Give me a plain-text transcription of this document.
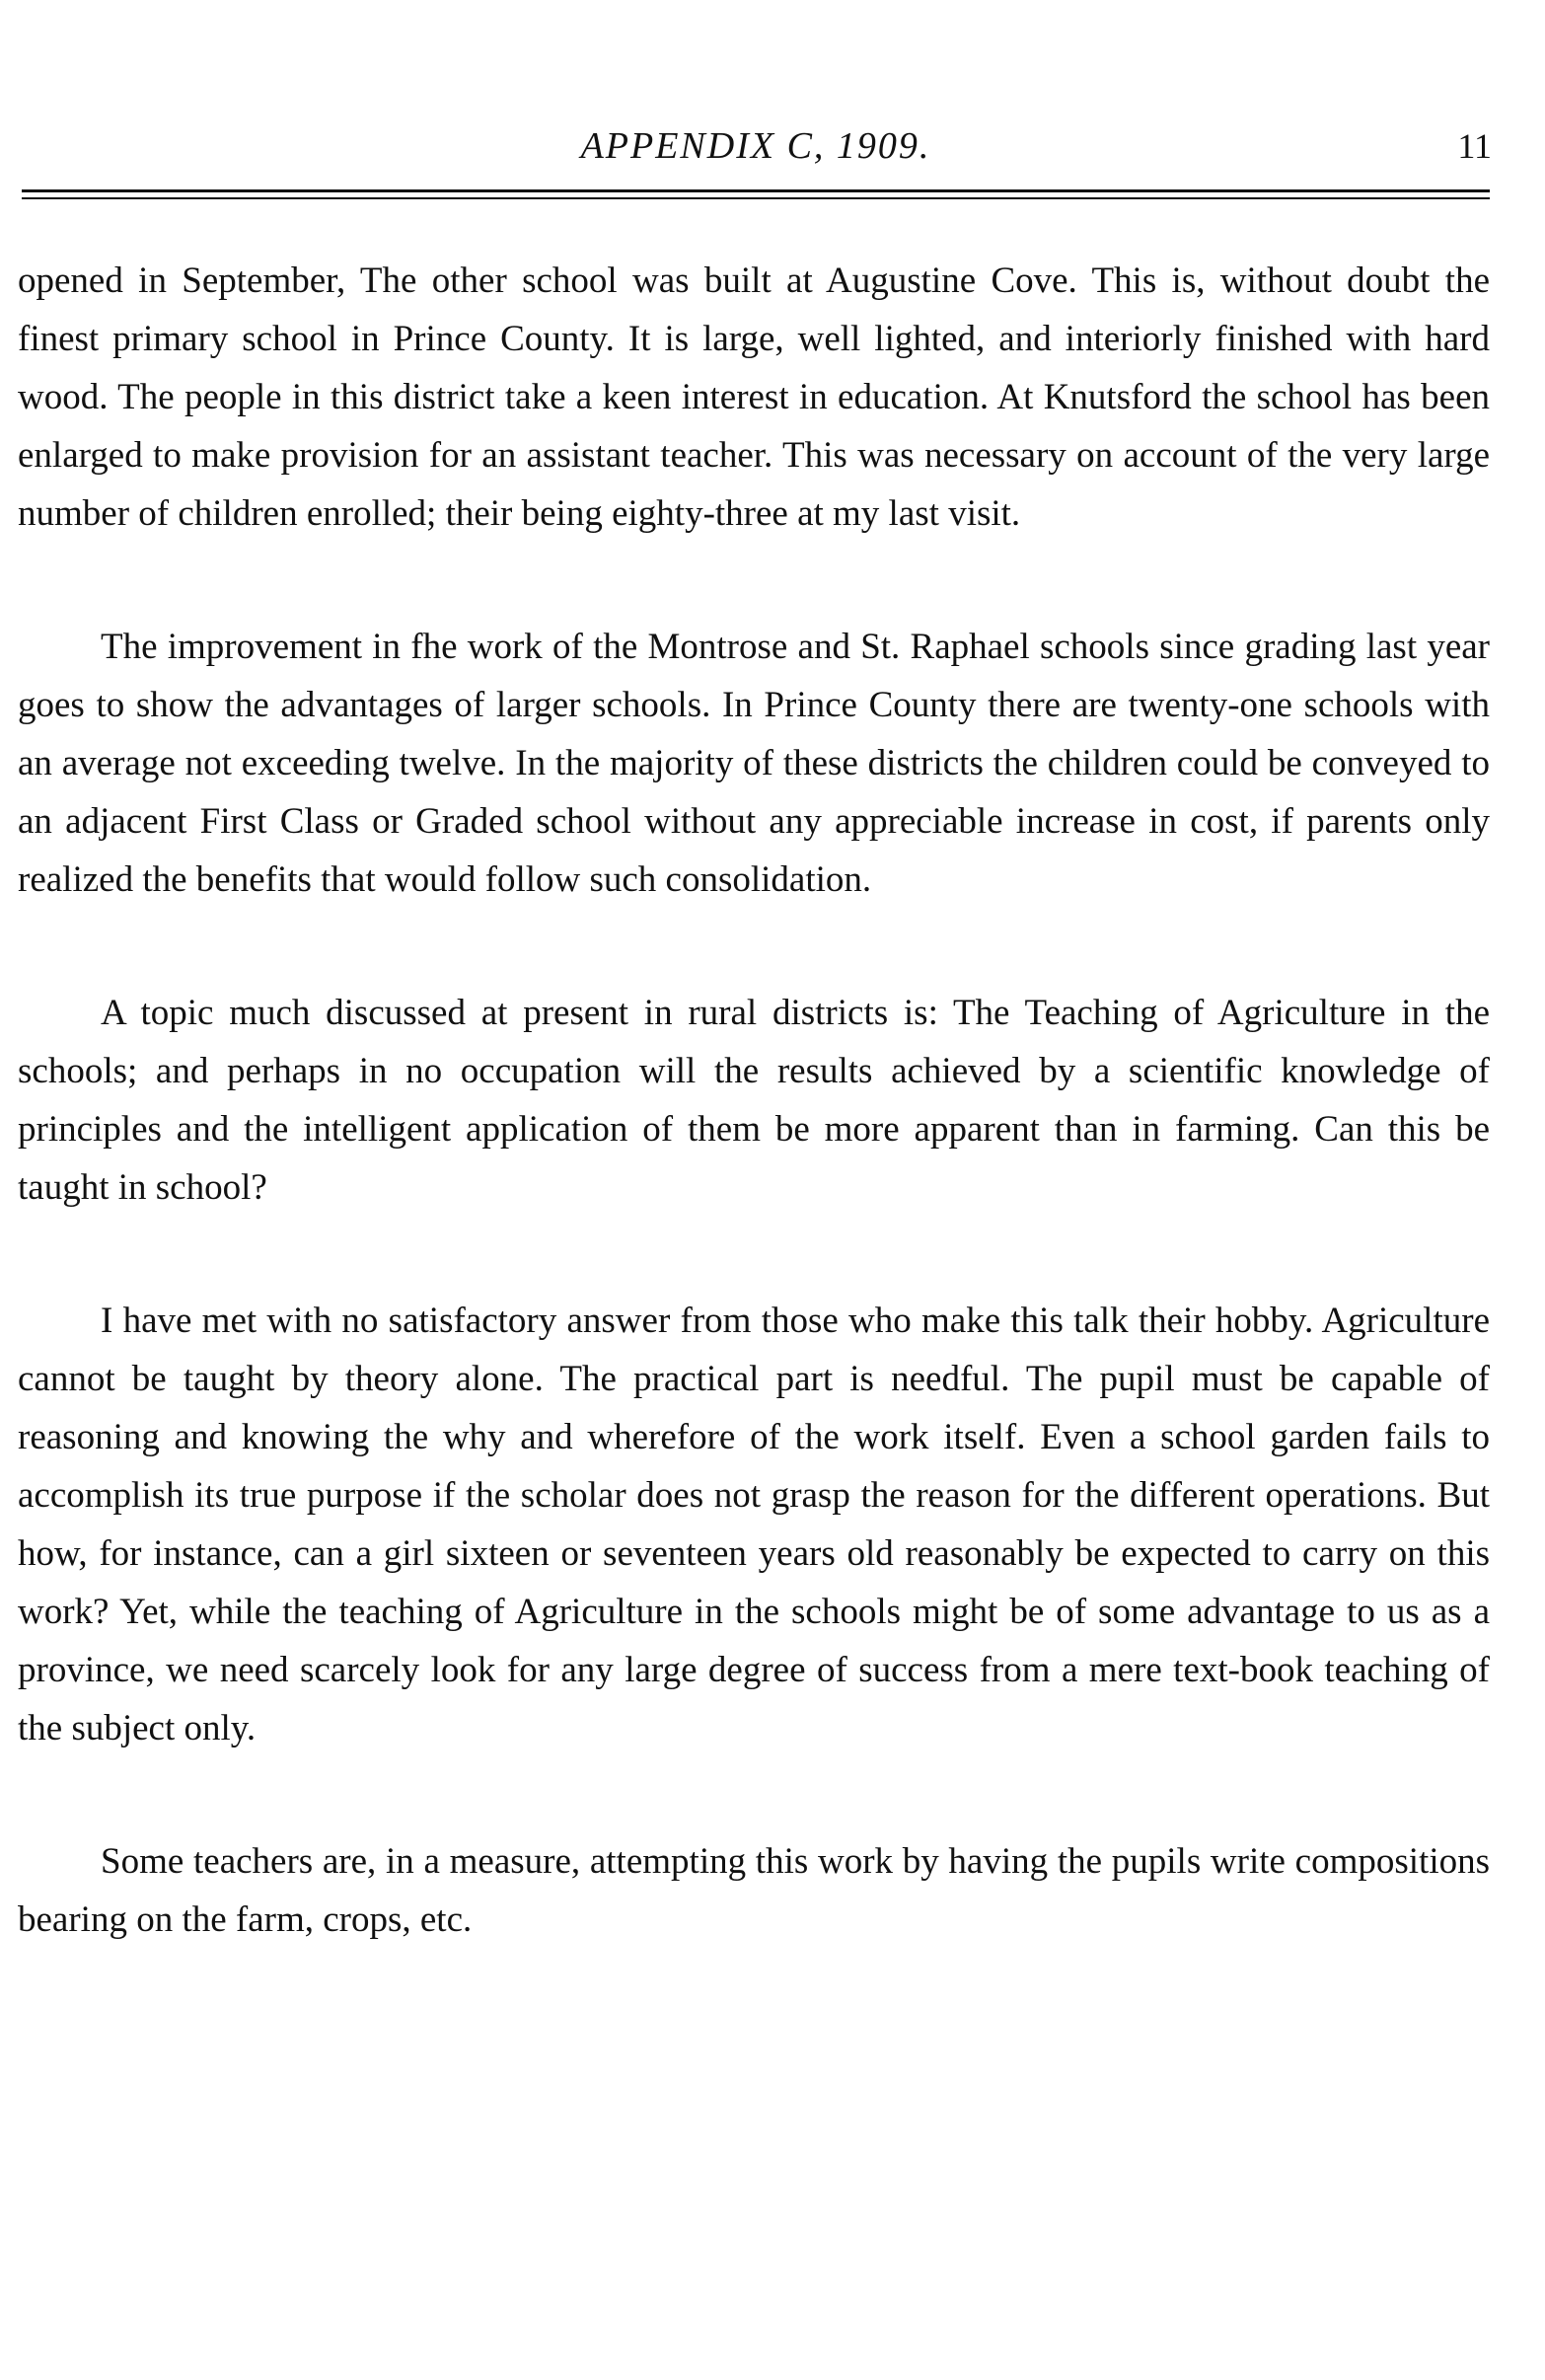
APPENDIX C, 1909.	11

opened in September, The other school was built at Augustine Cove. This is, without doubt the finest primary school in Prince County. It is large, well lighted, and interiorly finished with hard wood. The people in this district take a keen interest in education. At Knutsford the school has been enlarged to make provision for an assistant teacher. This was necessary on account of the very large number of children enrolled; their being eighty-three at my last visit.

The improvement in fhe work of the Montrose and St. Raphael schools since grading last year goes to show the advantages of larger schools. In Prince County there are twenty-one schools with an average not exceeding twelve. In the majority of these districts the children could be conveyed to an adjacent First Class or Graded school without any appreciable increase in cost, if parents only realized the benefits that would follow such consolidation.

A topic much discussed at present in rural districts is: The Teaching of Agriculture in the schools; and perhaps in no occupation will the results achieved by a scientific knowledge of principles and the intelligent application of them be more apparent than in farming. Can this be taught in school?

I have met with no satisfactory answer from those who make this talk their hobby. Agriculture cannot be taught by theory alone. The practical part is needful. The pupil must be capable of reasoning and knowing the why and wherefore of the work itself. Even a school garden fails to accomplish its true purpose if the scholar does not grasp the reason for the different operations. But how, for instance, can a girl sixteen or seventeen years old reasonably be expected to carry on this work? Yet, while the teaching of Agriculture in the schools might be of some advantage to us as a province, we need scarcely look for any large degree of success from a mere text-book teaching of the subject only.

Some teachers are, in a measure, attempting this work by having the pupils write compositions bearing on the farm, crops, etc.
